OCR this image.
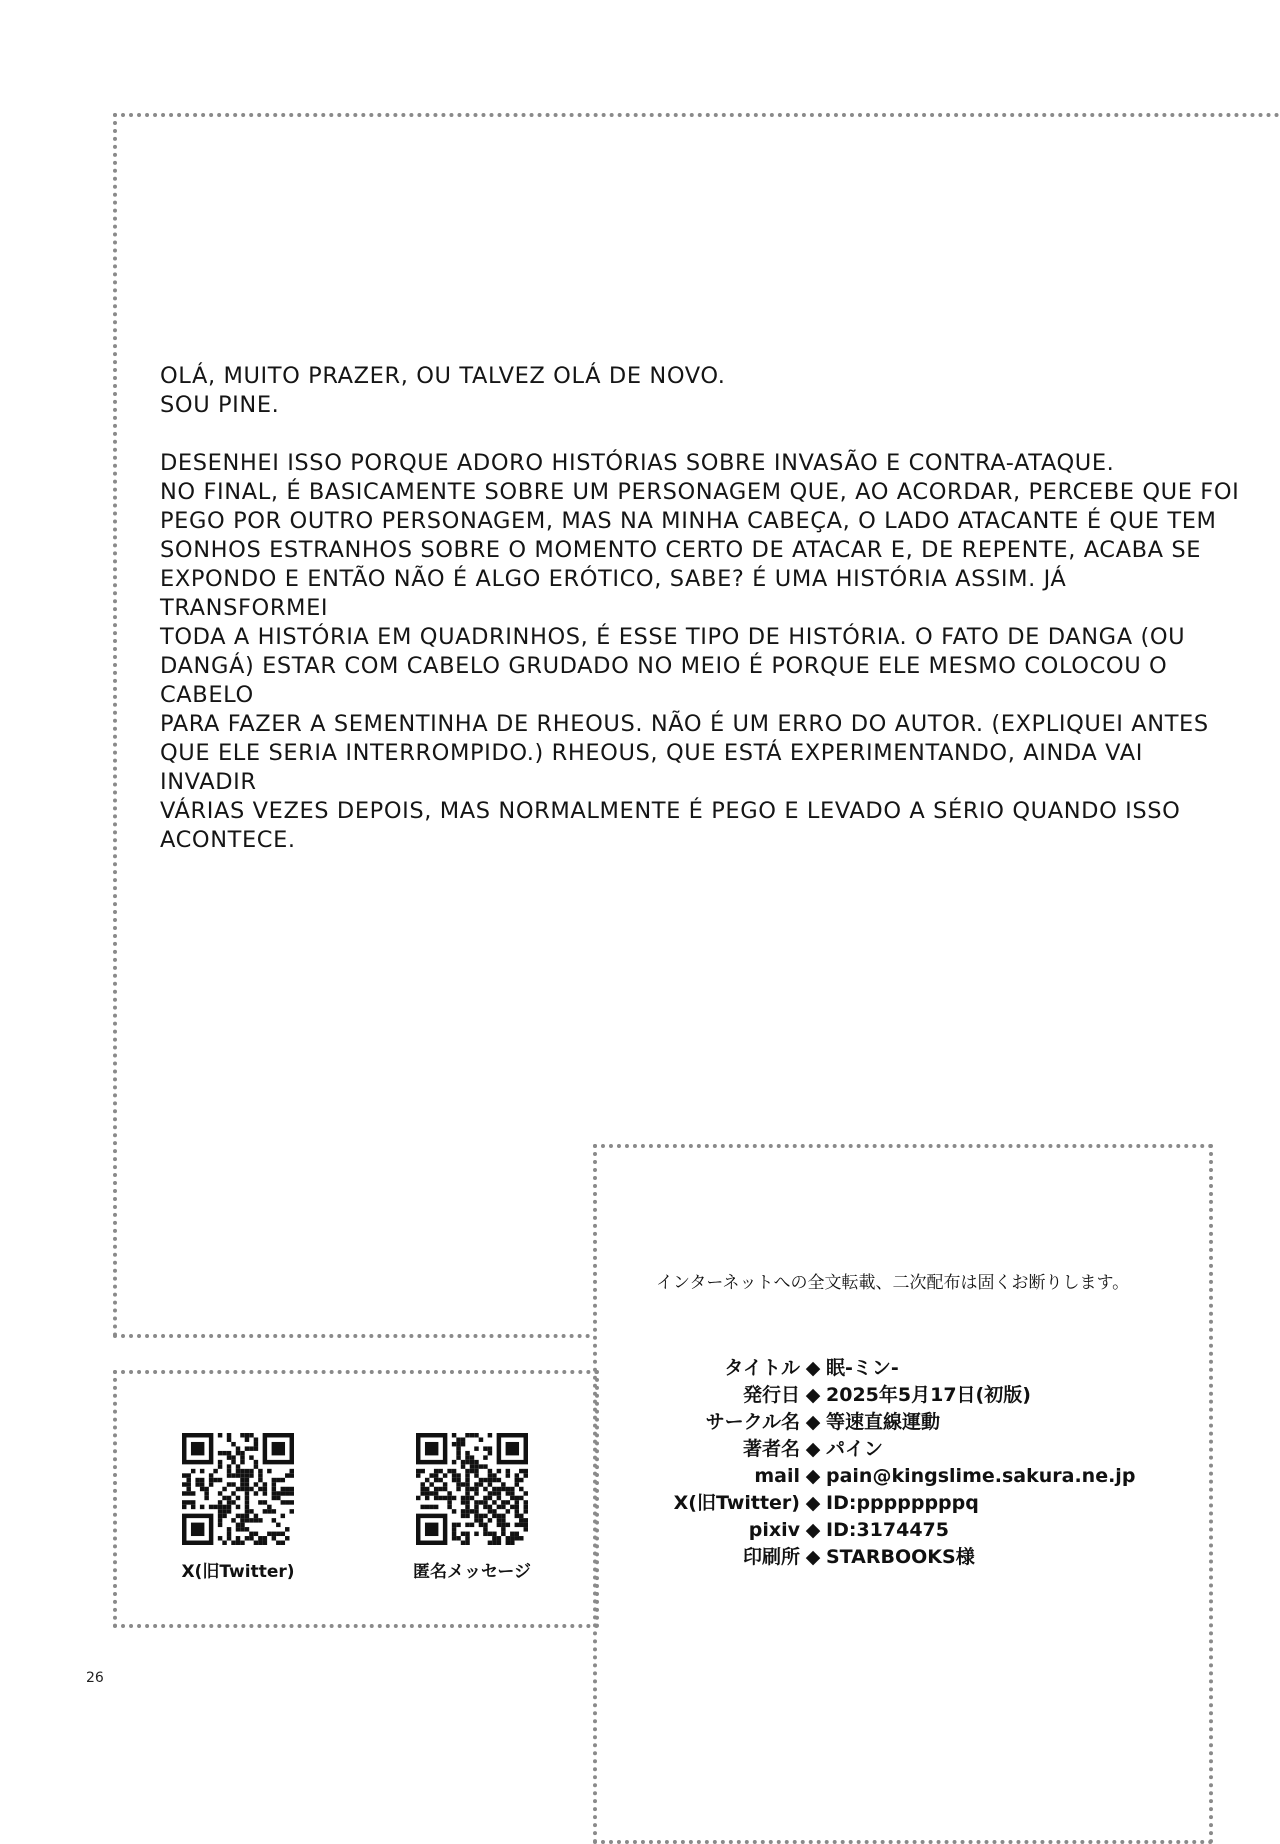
OLÁ, MUITO PRAZER, OU TALVEZ OLÁ DE NOVO.

SOU PINE.

DESENHEI ISSO PORQUE ADORO HISTÓRIAS SOBRE INVASÃO E CONTRA-ATAQUE.

NO FINAL, É BASICAMENTE SOBRE UM PERSONAGEM QUE, AO ACORDAR, PERCEBE QUE FOI

PEGO POR OUTRO PERSONAGEM, MAS NA MINHA CABEÇA, O LADO ATACANTE É QUE TEM

SONHOS ESTRANHOS SOBRE O MOMENTO CERTO DE ATACAR E, DE REPENTE, ACABA SE

EXPONDO E ENTÃO NÃO É ALGO ERÓTICO, SABE? É UMA HISTÓRIA ASSIM. JÁ TRANSFORMEI

TODA A HISTÓRIA EM QUADRINHOS, É ESSE TIPO DE HISTÓRIA. O FATO DE DANGA (OU

DANGÁ) ESTAR COM CABELO GRUDADO NO MEIO É PORQUE ELE MESMO COLOCOU O CABELO

PARA FAZER A SEMENTINHA DE RHEOUS. NÃO É UM ERRO DO AUTOR. (EXPLIQUEI ANTES

QUE ELE SERIA INTERROMPIDO.) RHEOUS, QUE ESTÁ EXPERIMENTANDO, AINDA VAI INVADIR

VÁRIAS VEZES DEPOIS, MAS NORMALMENTE É PEGO E LEVADO A SÉRIO QUANDO ISSO

ACONTECE.

インターネットへの全文転載、二次配布は固くお断りします。
タイトル ◆ 眠-ミン-
発行日 ◆ 2025年5月17日(初版)
サークル名 ◆ 等速直線運動
著者名 ◆ パイン
mail ◆ pain@kingslime.sakura.ne.jp
X(旧Twitter) ◆ ID:ppppppppq
pixiv ◆ ID:3174475
印刷所 ◆ STARBOOKS様
X(旧Twitter)	匿名メッセージ
26
